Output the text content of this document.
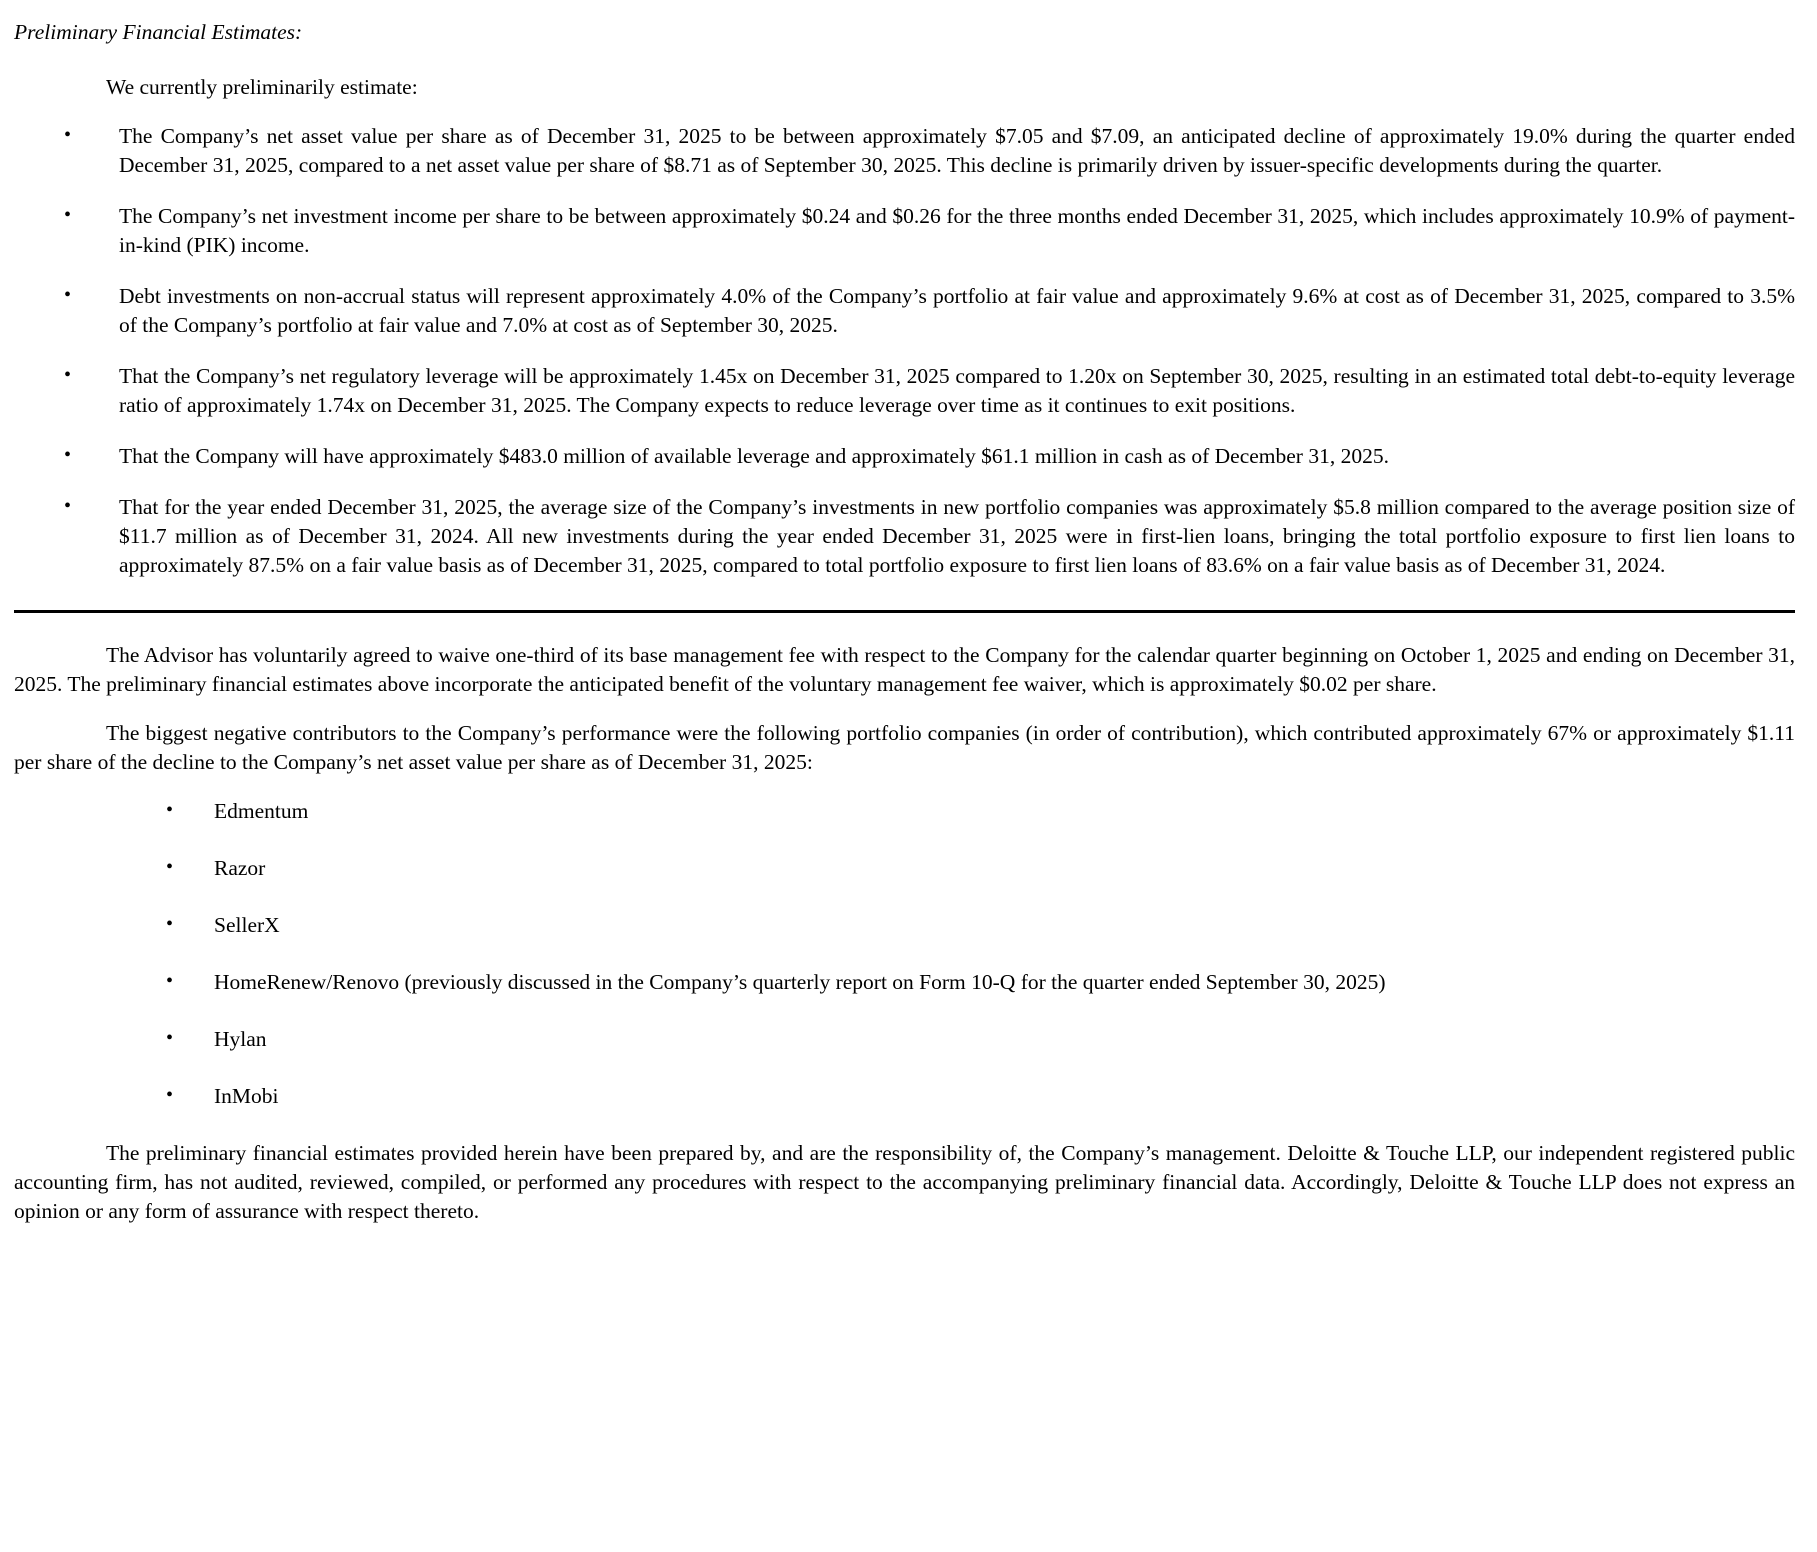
Preliminary Financial Estimates:

We currently preliminarily estimate:

• The Company’s net asset value per share as of December 31, 2025 to be between approximately $7.05 and $7.09, an anticipated decline of approximately 19.0% during the quarter ended December 31, 2025, compared to a net asset value per share of $8.71 as of September 30, 2025. This decline is primarily driven by issuer-specific developments during the quarter.
• The Company’s net investment income per share to be between approximately $0.24 and $0.26 for the three months ended December 31, 2025, which includes approximately 10.9% of payment-in-kind (PIK) income.
• Debt investments on non-accrual status will represent approximately 4.0% of the Company’s portfolio at fair value and approximately 9.6% at cost as of December 31, 2025, compared to 3.5% of the Company’s portfolio at fair value and 7.0% at cost as of September 30, 2025.
• That the Company’s net regulatory leverage will be approximately 1.45x on December 31, 2025 compared to 1.20x on September 30, 2025, resulting in an estimated total debt-to-equity leverage ratio of approximately 1.74x on December 31, 2025. The Company expects to reduce leverage over time as it continues to exit positions.
• That the Company will have approximately $483.0 million of available leverage and approximately $61.1 million in cash as of December 31, 2025.
• That for the year ended December 31, 2025, the average size of the Company’s investments in new portfolio companies was approximately $5.8 million compared to the average position size of $11.7 million as of December 31, 2024. All new investments during the year ended December 31, 2025 were in first-lien loans, bringing the total portfolio exposure to first lien loans to approximately 87.5% on a fair value basis as of December 31, 2025, compared to total portfolio exposure to first lien loans of 83.6% on a fair value basis as of December 31, 2024.

The Advisor has voluntarily agreed to waive one-third of its base management fee with respect to the Company for the calendar quarter beginning on October 1, 2025 and ending on December 31, 2025. The preliminary financial estimates above incorporate the anticipated benefit of the voluntary management fee waiver, which is approximately $0.02 per share.

The biggest negative contributors to the Company’s performance were the following portfolio companies (in order of contribution), which contributed approximately 67% or approximately $1.11 per share of the decline to the Company’s net asset value per share as of December 31, 2025:

• Edmentum
• Razor
• SellerX
• HomeRenew/Renovo (previously discussed in the Company’s quarterly report on Form 10-Q for the quarter ended September 30, 2025)
• Hylan
• InMobi

The preliminary financial estimates provided herein have been prepared by, and are the responsibility of, the Company’s management. Deloitte & Touche LLP, our independent registered public accounting firm, has not audited, reviewed, compiled, or performed any procedures with respect to the accompanying preliminary financial data. Accordingly, Deloitte & Touche LLP does not express an opinion or any form of assurance with respect thereto.
